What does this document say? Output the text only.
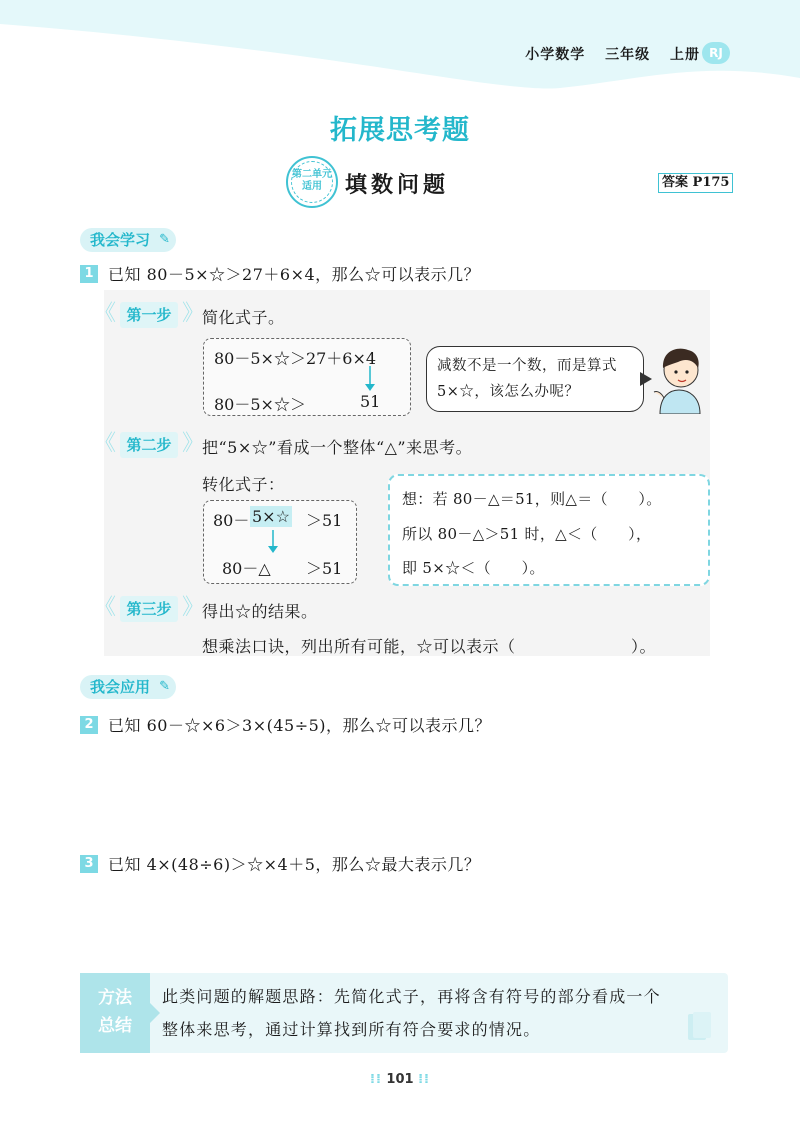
小学数学 三年级 上册 RJ
拓展思考题
第二单元
适用	填数问题	答案 P175
我会学习 ✎
1 已知 80－5×☆＞27＋6×4，那么☆可以表示几？
《 第一步 》	简化式子。
80－5×☆＞27＋6×4
80－5×☆＞	51
减数不是一个数，而是算式
5×☆，该怎么办呢？
《 第二步 》	把“5×☆”看成一个整体“△”来思考。
转化式子：
80－ 5×☆ ＞51
80－△ ＞51
想：若 80－△＝51，则△＝（　　）。
所以 80－△＞51 时，△＜（　　），
即 5×☆＜（　　）。
《 第三步 》	得出☆的结果。
想乘法口诀，列出所有可能，☆可以表示（　　　　　　　）。
我会应用 ✎
2 已知 60－☆×6＞3×(45÷5)，那么☆可以表示几？
3 已知 4×(48÷6)＞☆×4＋5，那么☆最大表示几？
方法
总结
此类问题的解题思路：先简化式子，再将含有符号的部分看成一个
整体来思考，通过计算找到所有符合要求的情况。
⁞⁞ 101 ⁞⁞
